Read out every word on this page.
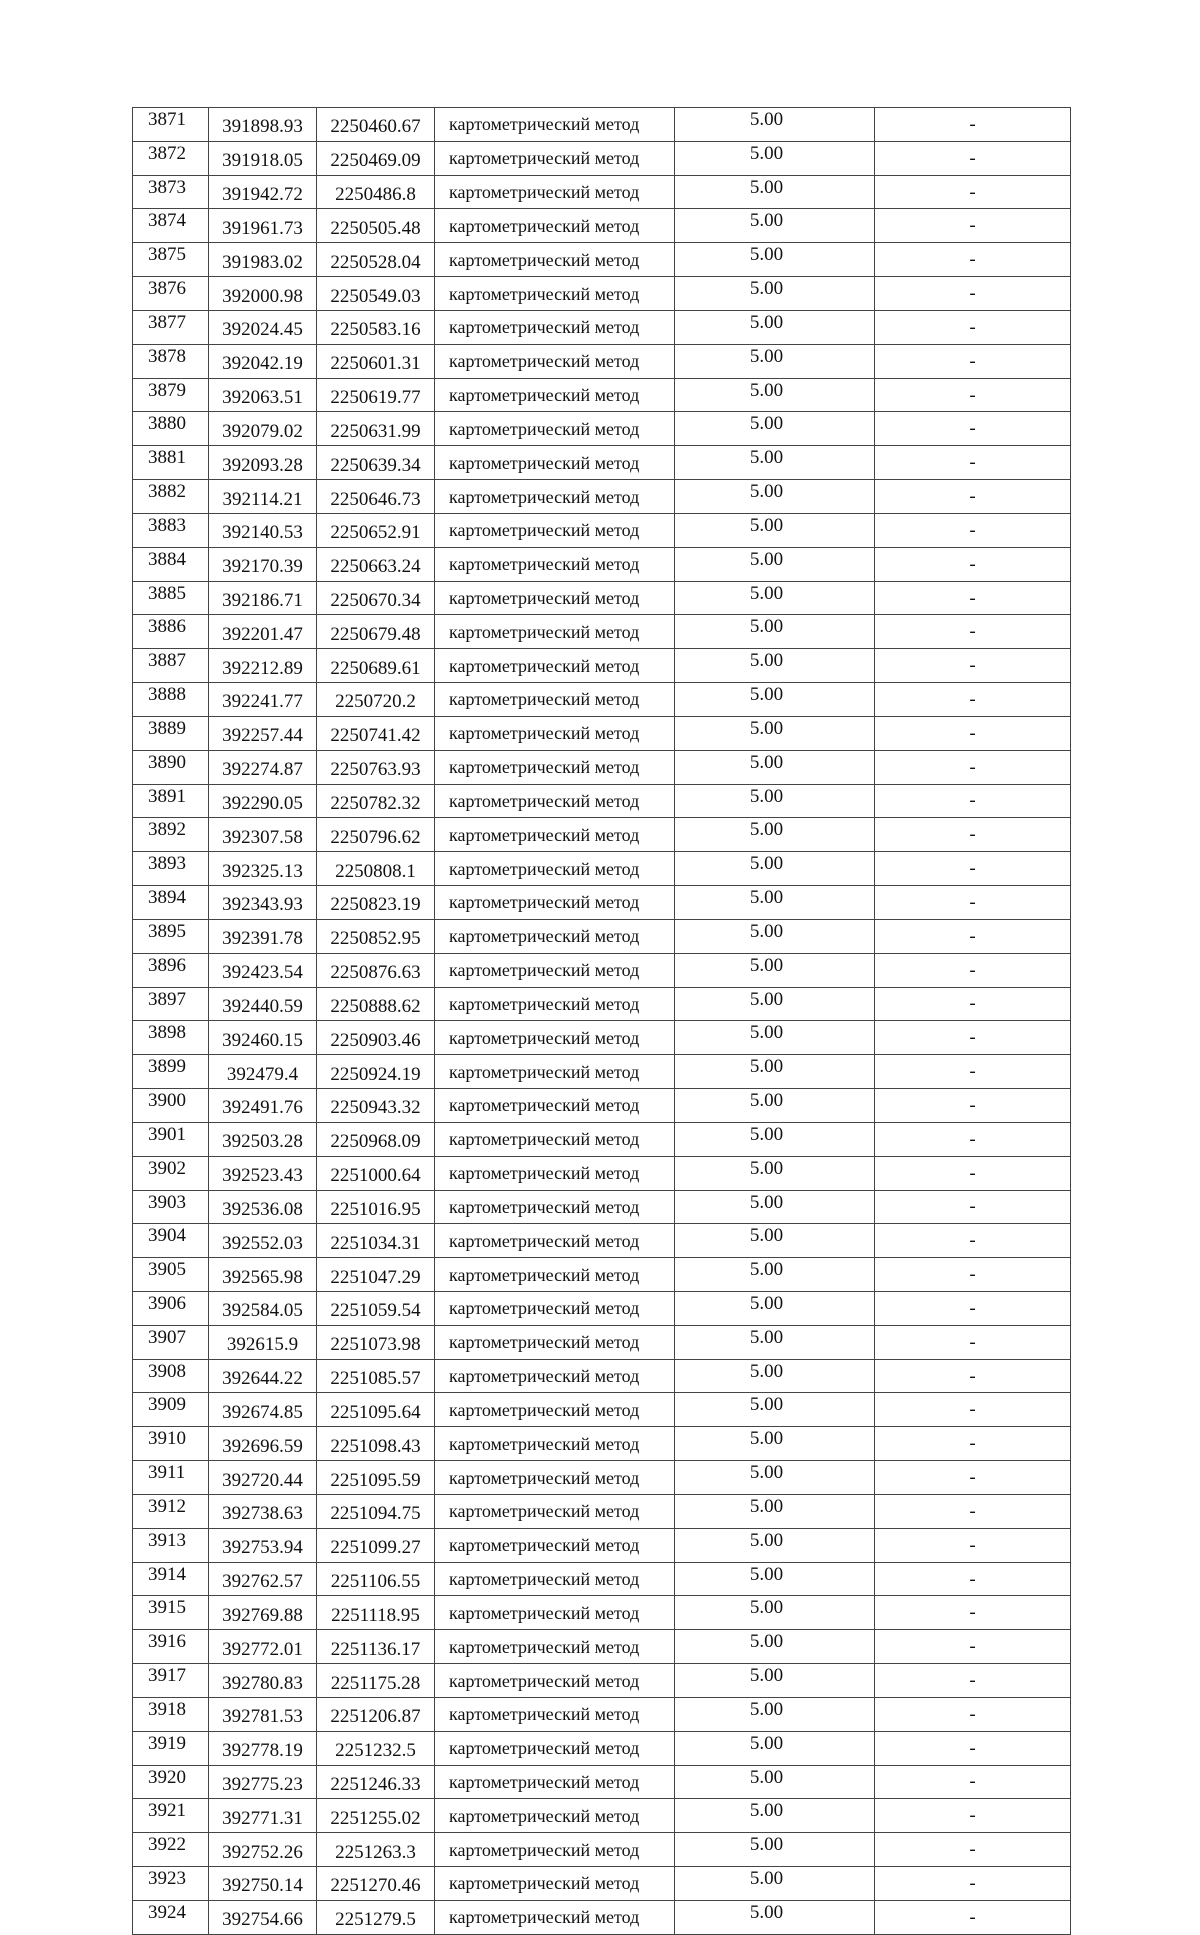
3871	391898.93	2250460.67	картометрический метод	5.00	-
3872	391918.05	2250469.09	картометрический метод	5.00	-
3873	391942.72	2250486.8	картометрический метод	5.00	-
3874	391961.73	2250505.48	картометрический метод	5.00	-
3875	391983.02	2250528.04	картометрический метод	5.00	-
3876	392000.98	2250549.03	картометрический метод	5.00	-
3877	392024.45	2250583.16	картометрический метод	5.00	-
3878	392042.19	2250601.31	картометрический метод	5.00	-
3879	392063.51	2250619.77	картометрический метод	5.00	-
3880	392079.02	2250631.99	картометрический метод	5.00	-
3881	392093.28	2250639.34	картометрический метод	5.00	-
3882	392114.21	2250646.73	картометрический метод	5.00	-
3883	392140.53	2250652.91	картометрический метод	5.00	-
3884	392170.39	2250663.24	картометрический метод	5.00	-
3885	392186.71	2250670.34	картометрический метод	5.00	-
3886	392201.47	2250679.48	картометрический метод	5.00	-
3887	392212.89	2250689.61	картометрический метод	5.00	-
3888	392241.77	2250720.2	картометрический метод	5.00	-
3889	392257.44	2250741.42	картометрический метод	5.00	-
3890	392274.87	2250763.93	картометрический метод	5.00	-
3891	392290.05	2250782.32	картометрический метод	5.00	-
3892	392307.58	2250796.62	картометрический метод	5.00	-
3893	392325.13	2250808.1	картометрический метод	5.00	-
3894	392343.93	2250823.19	картометрический метод	5.00	-
3895	392391.78	2250852.95	картометрический метод	5.00	-
3896	392423.54	2250876.63	картометрический метод	5.00	-
3897	392440.59	2250888.62	картометрический метод	5.00	-
3898	392460.15	2250903.46	картометрический метод	5.00	-
3899	392479.4	2250924.19	картометрический метод	5.00	-
3900	392491.76	2250943.32	картометрический метод	5.00	-
3901	392503.28	2250968.09	картометрический метод	5.00	-
3902	392523.43	2251000.64	картометрический метод	5.00	-
3903	392536.08	2251016.95	картометрический метод	5.00	-
3904	392552.03	2251034.31	картометрический метод	5.00	-
3905	392565.98	2251047.29	картометрический метод	5.00	-
3906	392584.05	2251059.54	картометрический метод	5.00	-
3907	392615.9	2251073.98	картометрический метод	5.00	-
3908	392644.22	2251085.57	картометрический метод	5.00	-
3909	392674.85	2251095.64	картометрический метод	5.00	-
3910	392696.59	2251098.43	картометрический метод	5.00	-
3911	392720.44	2251095.59	картометрический метод	5.00	-
3912	392738.63	2251094.75	картометрический метод	5.00	-
3913	392753.94	2251099.27	картометрический метод	5.00	-
3914	392762.57	2251106.55	картометрический метод	5.00	-
3915	392769.88	2251118.95	картометрический метод	5.00	-
3916	392772.01	2251136.17	картометрический метод	5.00	-
3917	392780.83	2251175.28	картометрический метод	5.00	-
3918	392781.53	2251206.87	картометрический метод	5.00	-
3919	392778.19	2251232.5	картометрический метод	5.00	-
3920	392775.23	2251246.33	картометрический метод	5.00	-
3921	392771.31	2251255.02	картометрический метод	5.00	-
3922	392752.26	2251263.3	картометрический метод	5.00	-
3923	392750.14	2251270.46	картометрический метод	5.00	-
3924	392754.66	2251279.5	картометрический метод	5.00	-
